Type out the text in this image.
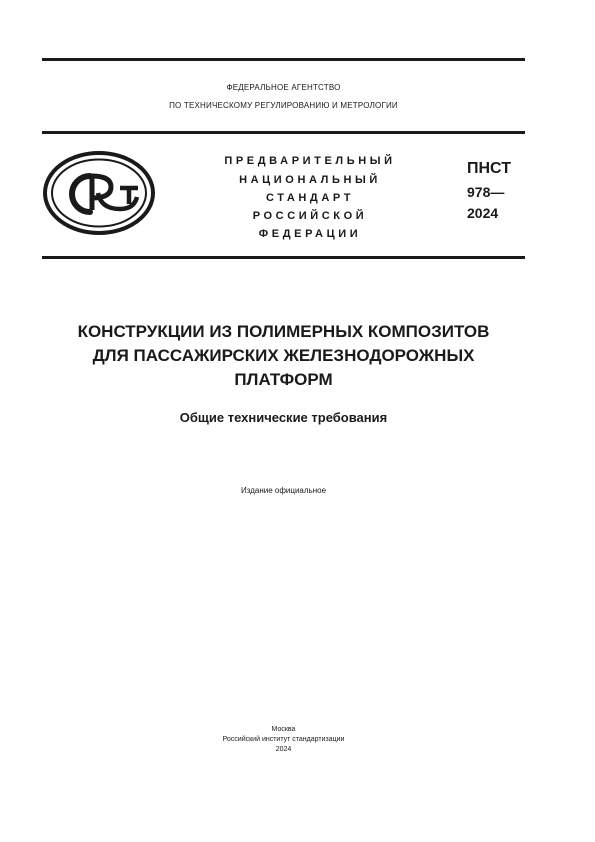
ФЕДЕРАЛЬНОЕ АГЕНТСТВО
ПО ТЕХНИЧЕСКОМУ РЕГУЛИРОВАНИЮ И МЕТРОЛОГИИ
ПРЕДВАРИТЕЛЬНЫЙ
НАЦИОНАЛЬНЫЙ
СТАНДАРТ
РОССИЙСКОЙ
ФЕДЕРАЦИИ
ПНСТ
978—
2024
КОНСТРУКЦИИ ИЗ ПОЛИМЕРНЫХ КОМПОЗИТОВ
ДЛЯ ПАССАЖИРСКИХ ЖЕЛЕЗНОДОРОЖНЫХ
ПЛАТФОРМ
Общие технические требования
Издание официальное
Москва
Российский институт стандартизации
2024
